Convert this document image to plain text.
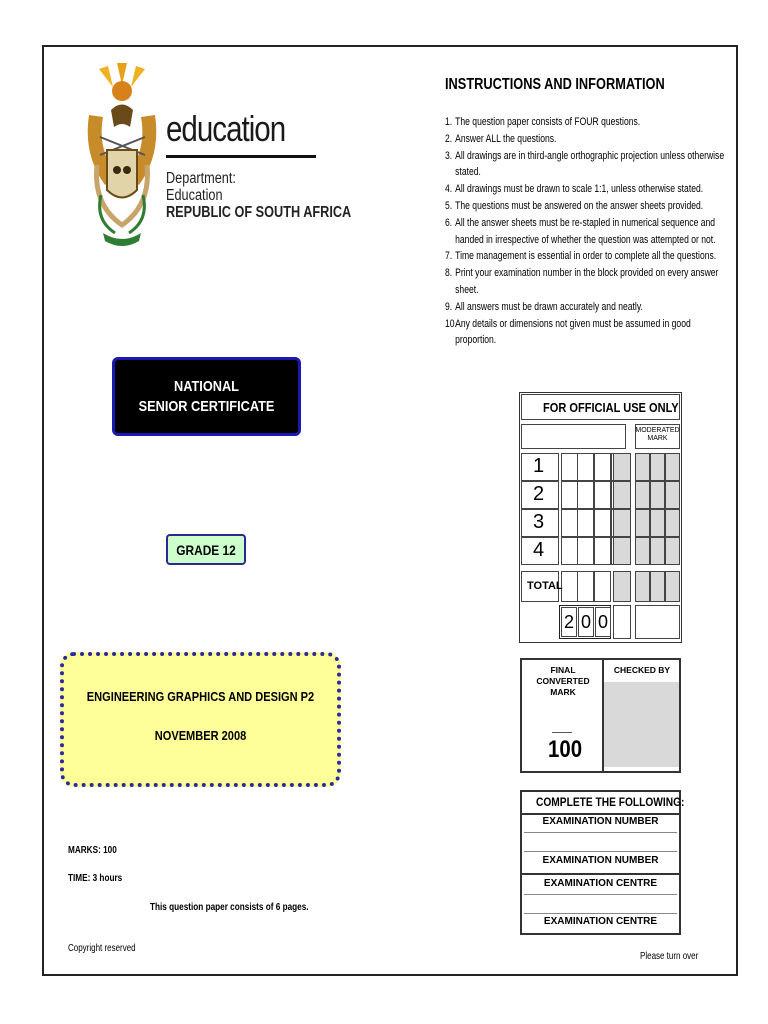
education
Department:
Education
REPUBLIC OF SOUTH AFRICA
INSTRUCTIONS AND INFORMATION
1. The question paper consists of FOUR questions.
2. Answer ALL the questions.
3. All drawings are in third-angle orthographic projection unless otherwise stated.
4. All drawings must be drawn to scale 1:1, unless otherwise stated.
5. The questions must be answered on the answer sheets provided.
6. All the answer sheets must be re-stapled in numerical sequence and
handed in irrespective of whether the question was attempted or not.
7. Time management is essential in order to complete all the questions.
8. Print your examination number in the block provided on every answer sheet.
9. All answers must be drawn accurately and neatly.
10.
Any details or dimensions not given must be assumed in good proportion.
NATIONAL
SENIOR CERTIFICATE
GRADE 12
ENGINEERING GRAPHICS AND DESIGN P2
NOVEMBER 2008
MARKS: 100
TIME: 3 hours
This question paper consists of 6 pages.
Copyright reserved
Please turn over
FOR OFFICIAL USE ONLY
MODERATED MARK
1
2
3
4
TOTAL
2 0 0
FINAL CONVERTED MARK
CHECKED BY
100
COMPLETE THE FOLLOWING:
EXAMINATION NUMBER
EXAMINATION NUMBER
EXAMINATION CENTRE
EXAMINATION CENTRE
